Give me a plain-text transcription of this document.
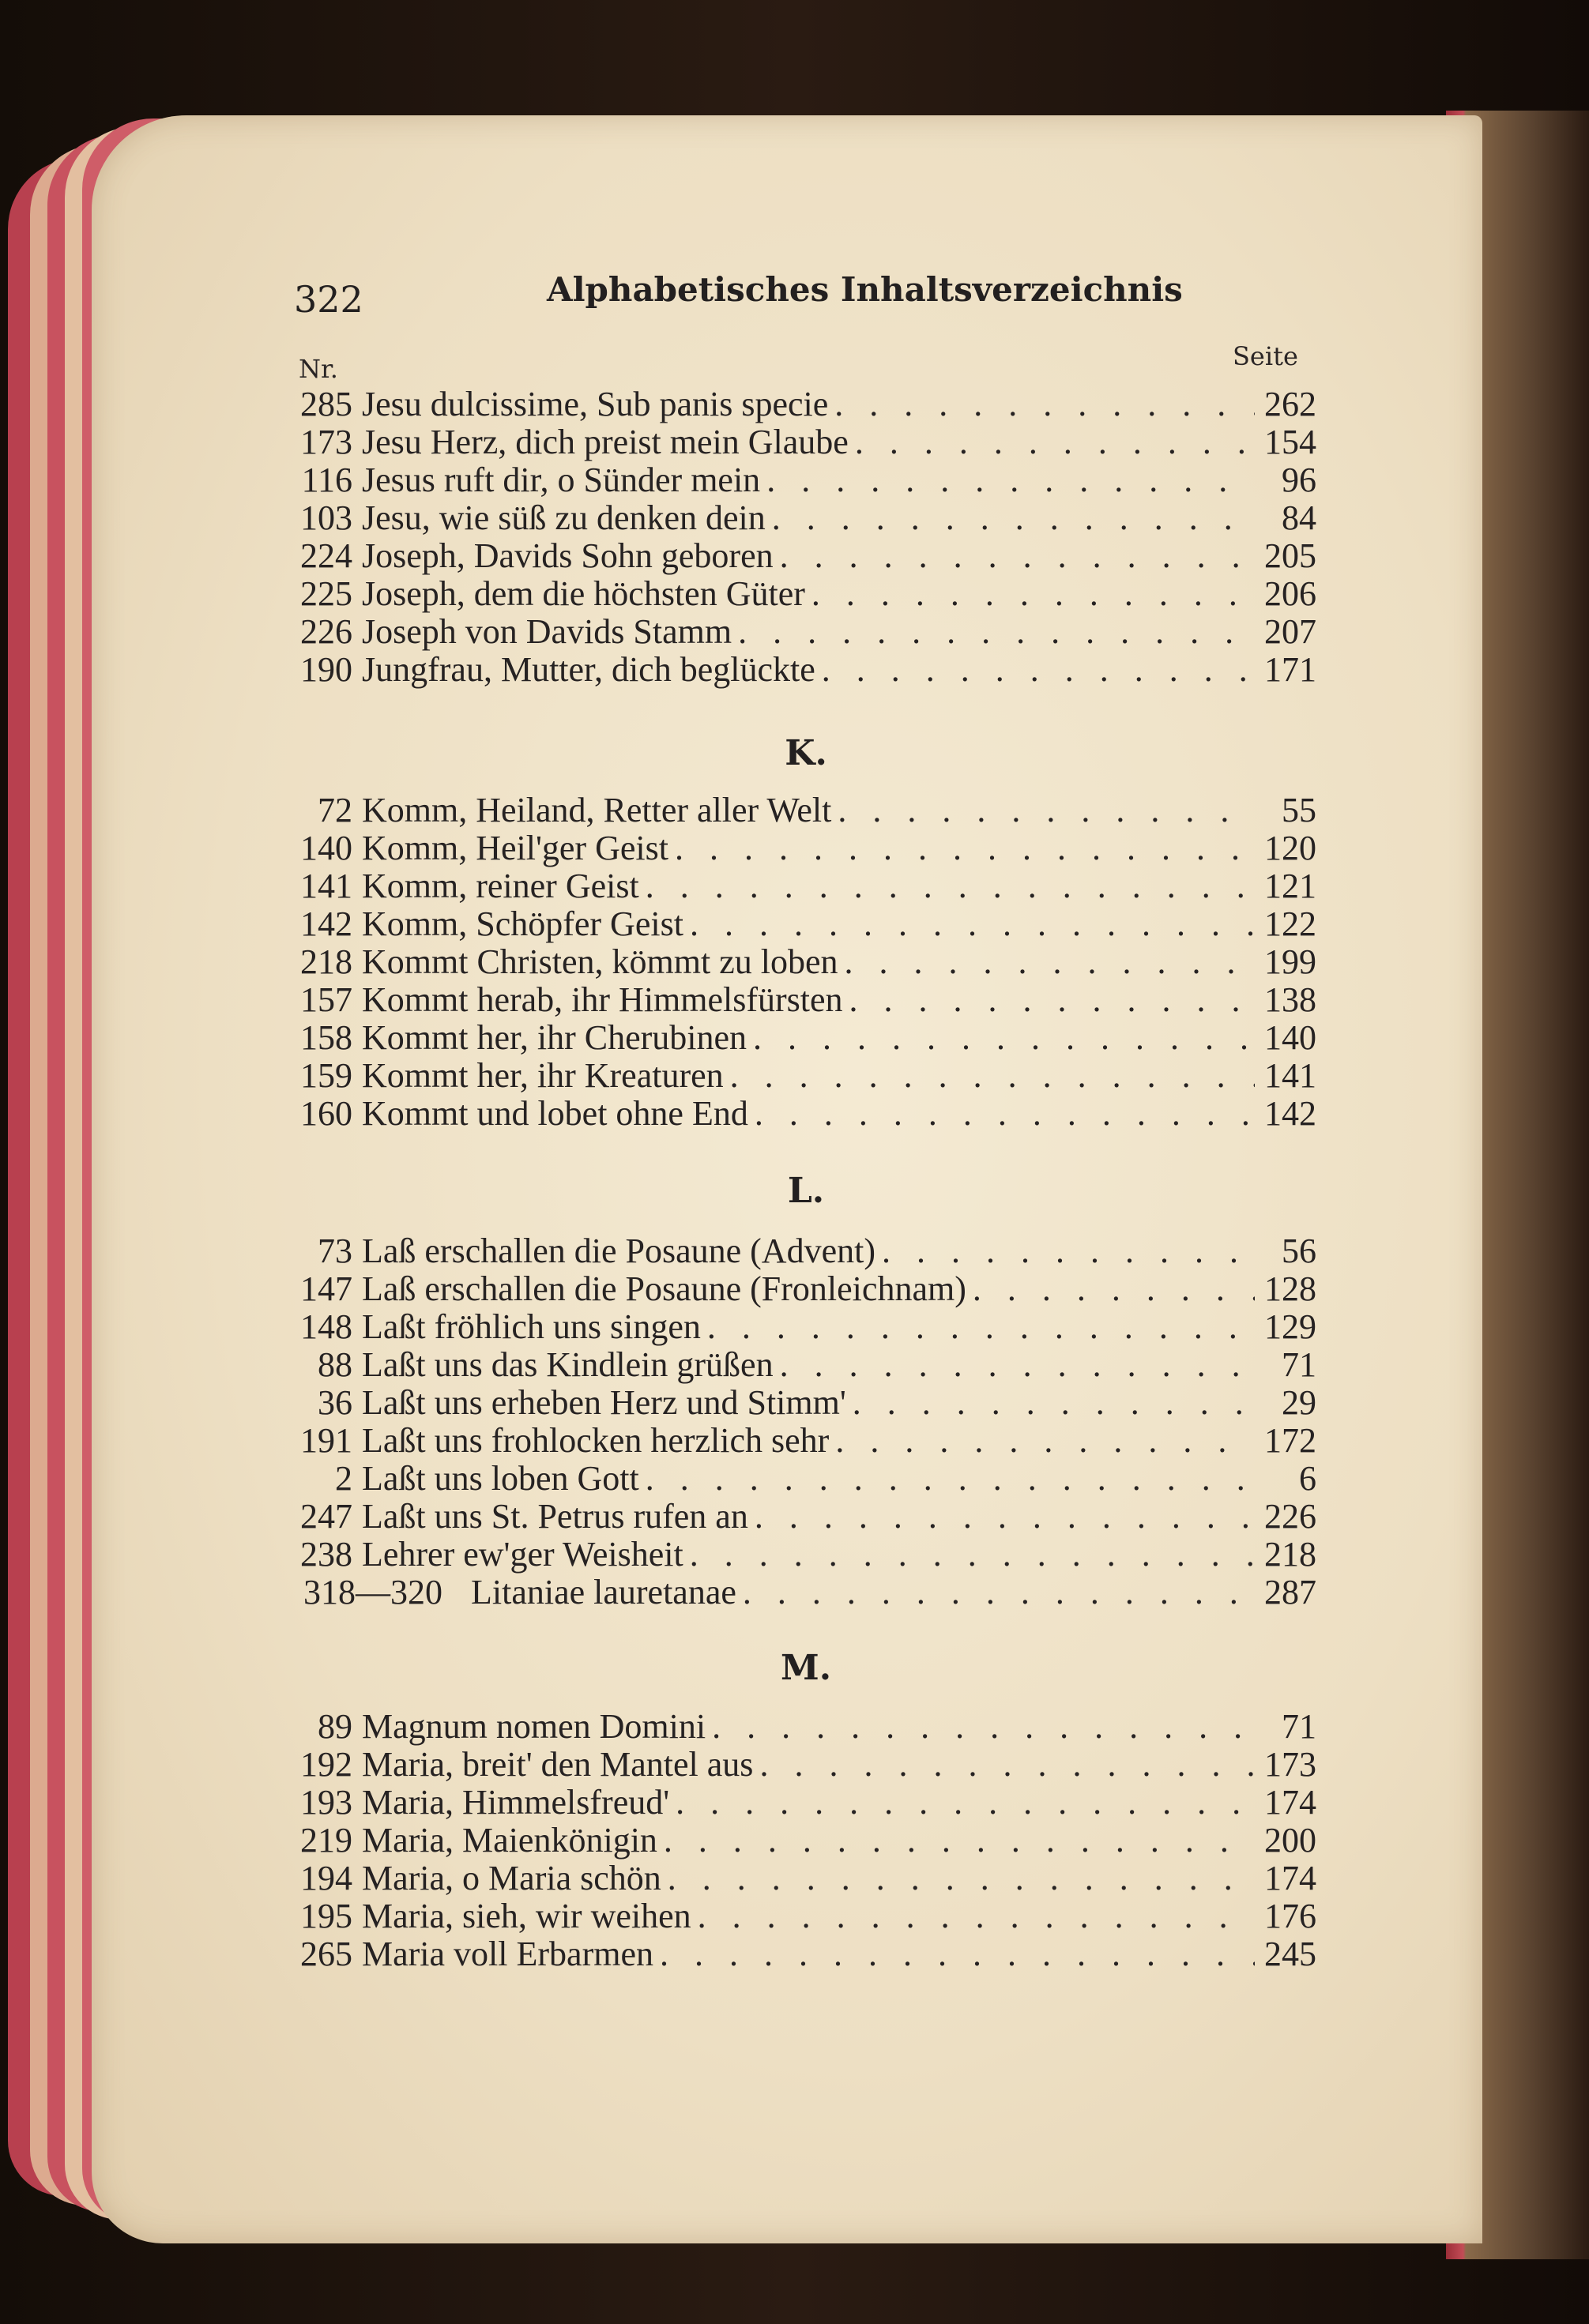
322	Alphabetisches Inhaltsverzeichnis
Nr.	Seite
285 Jesu dulcissime, Sub panis specie . . .	262
173 Jesu Herz, dich preist mein Glaube . . .	154
116 Jesus ruft dir, o Sünder mein . . .	96
103 Jesu, wie süß zu denken dein . . .	84
224 Joseph, Davids Sohn geboren . . .	205
225 Joseph, dem die höchsten Güter . . .	206
226 Joseph von Davids Stamm . . .	207
190 Jungfrau, Mutter, dich beglückte . . .	171
K.
72 Komm, Heiland, Retter aller Welt . . .	55
140 Komm, Heil'ger Geist . . .	120
141 Komm, reiner Geist . . .	121
142 Komm, Schöpfer Geist . . .	122
218 Kommt Christen, kömmt zu loben . . .	199
157 Kommt herab, ihr Himmelsfürsten . . .	138
158 Kommt her, ihr Cherubinen . . .	140
159 Kommt her, ihr Kreaturen . . .	141
160 Kommt und lobet ohne End . . .	142
L.
73 Laß erschallen die Posaune (Advent) . . .	56
147 Laß erschallen die Posaune (Fronleichnam) . . .	128
148 Laßt fröhlich uns singen . . .	129
88 Laßt uns das Kindlein grüßen . . .	71
36 Laßt uns erheben Herz und Stimm' . . .	29
191 Laßt uns frohlocken herzlich sehr . . .	172
2 Laßt uns loben Gott . . .	6
247 Laßt uns St. Petrus rufen an . . .	226
238 Lehrer ew'ger Weisheit . . .	218
318—320 Litaniae lauretanae . . .	287
M.
89 Magnum nomen Domini . . .	71
192 Maria, breit' den Mantel aus . . .	173
193 Maria, Himmelsfreud' . . .	174
219 Maria, Maienkönigin . . .	200
194 Maria, o Maria schön . . .	174
195 Maria, sieh, wir weihen . . .	176
265 Maria voll Erbarmen . . .	245
